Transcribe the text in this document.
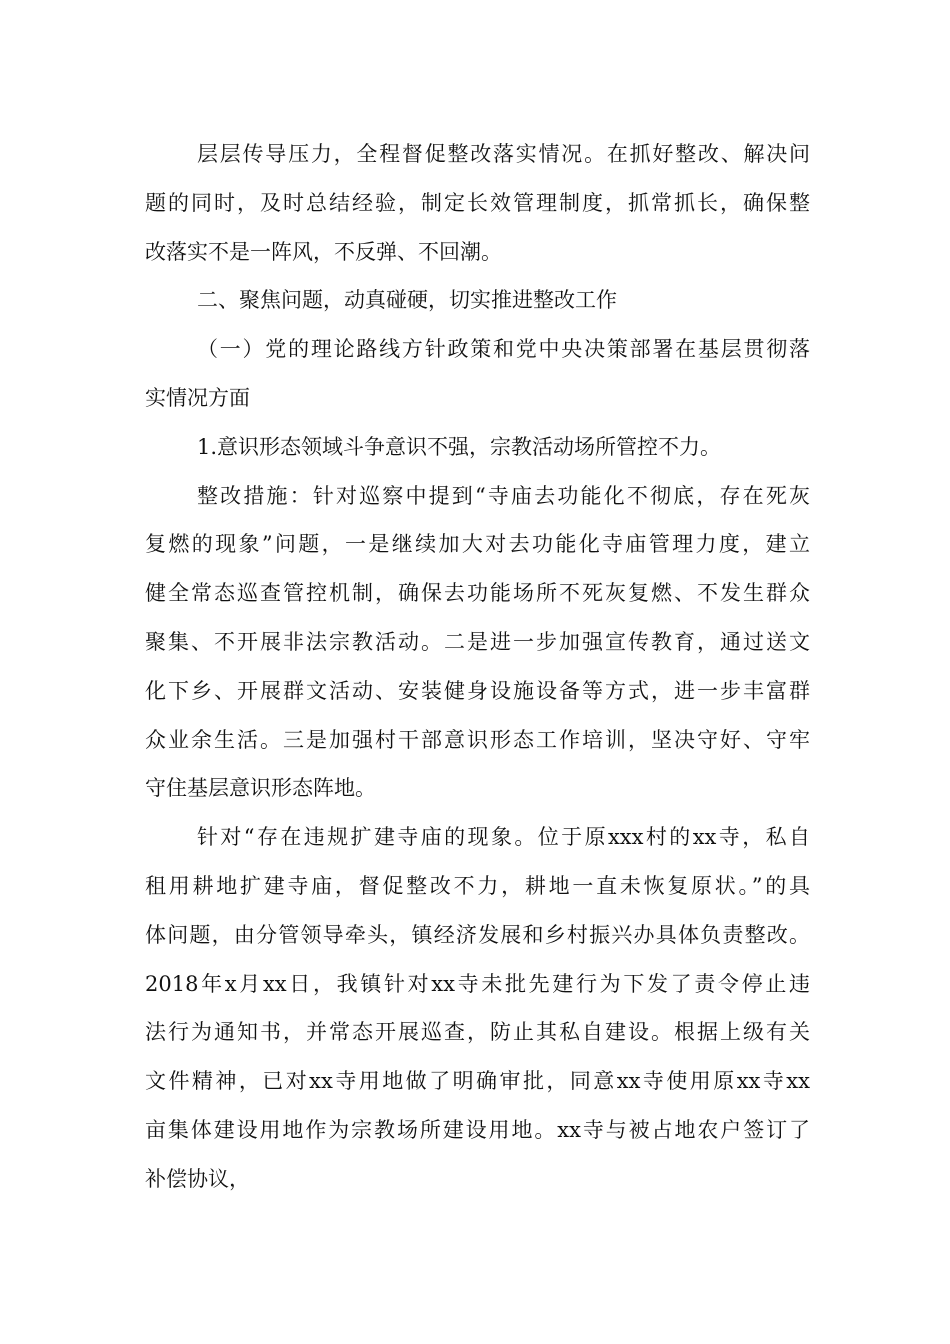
层层传导压力，全程督促整改落实情况。在抓好整改、解决问
题的同时，及时总结经验，制定长效管理制度，抓常抓长，确保整
改落实不是一阵风，不反弹、不回潮。
二、聚焦问题，动真碰硬，切实推进整改工作
（一）党的理论路线方针政策和党中央决策部署在基层贯彻落
实情况方面
1.意识形态领域斗争意识不强，宗教活动场所管控不力。
整改措施：针对巡察中提到“寺庙去功能化不彻底，存在死灰
复燃的现象”问题，一是继续加大对去功能化寺庙管理力度，建立
健全常态巡查管控机制，确保去功能场所不死灰复燃、不发生群众
聚集、不开展非法宗教活动。二是进一步加强宣传教育，通过送文
化下乡、开展群文活动、安装健身设施设备等方式，进一步丰富群
众业余生活。三是加强村干部意识形态工作培训，坚决守好、守牢
守住基层意识形态阵地。
针对“存在违规扩建寺庙的现象。位于原xxx村的xx寺，私自
租用耕地扩建寺庙，督促整改不力，耕地一直未恢复原状。”的具
体问题，由分管领导牵头，镇经济发展和乡村振兴办具体负责整改。
2018年x月xx日，我镇针对xx寺未批先建行为下发了责令停止违
法行为通知书，并常态开展巡查，防止其私自建设。根据上级有关
文件精神，已对xx寺用地做了明确审批，同意xx寺使用原xx寺xx
亩集体建设用地作为宗教场所建设用地。xx寺与被占地农户签订了
补偿协议，
